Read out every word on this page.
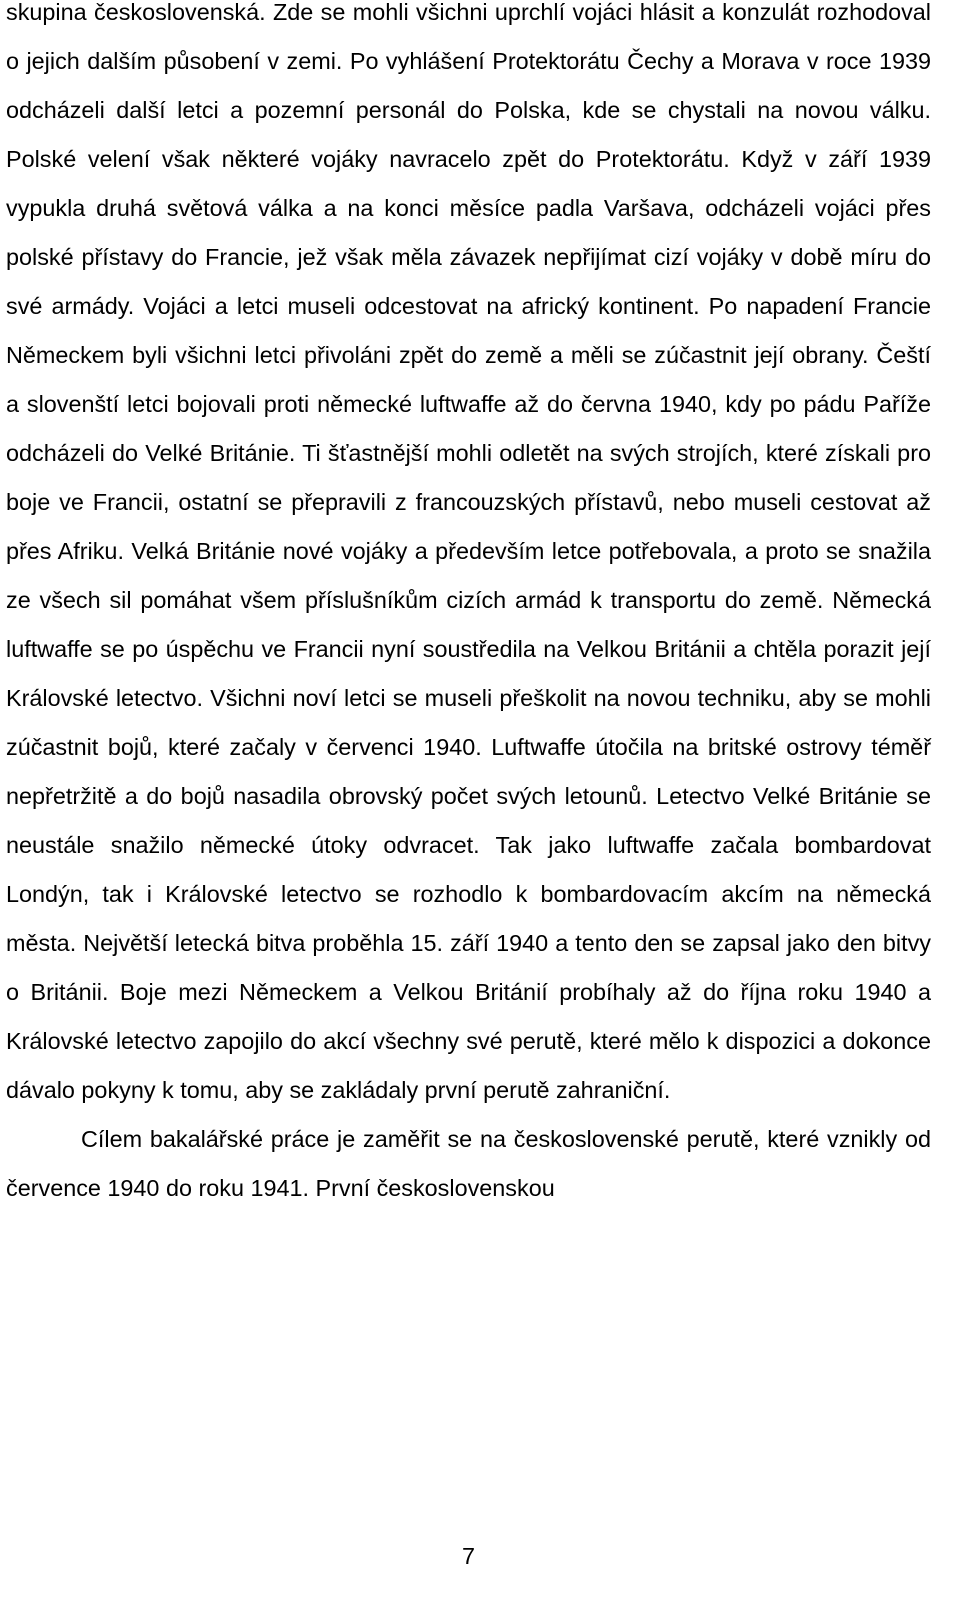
skupina československá. Zde se mohli všichni uprchlí vojáci hlásit a konzulát rozhodoval o jejich dalším působení v zemi. Po vyhlášení Protektorátu Čechy a Morava v roce 1939 odcházeli další letci a pozemní personál do Polska, kde se chystali na novou válku. Polské velení však některé vojáky navracelo zpět do Protektorátu. Když v září 1939 vypukla druhá světová válka a na konci měsíce padla Varšava, odcházeli vojáci přes polské přístavy do Francie, jež však měla závazek nepřijímat cizí vojáky v době míru do své armády. Vojáci a letci museli odcestovat na africký kontinent. Po napadení Francie Německem byli všichni letci přivoláni zpět do země a měli se zúčastnit její obrany. Čeští a slovenští letci bojovali proti německé luftwaffe až do června 1940, kdy po pádu Paříže odcházeli do Velké Británie. Ti šťastnější mohli odletět na svých strojích, které získali pro boje ve Francii, ostatní se přepravili z francouzských přístavů, nebo museli cestovat až přes Afriku. Velká Británie nové vojáky a především letce potřebovala, a proto se snažila ze všech sil pomáhat všem příslušníkům cizích armád k transportu do země. Německá luftwaffe se po úspěchu ve Francii nyní soustředila na Velkou Británii a chtěla porazit její Královské letectvo. Všichni noví letci se museli přeškolit na novou techniku, aby se mohli zúčastnit bojů, které začaly v červenci 1940. Luftwaffe útočila na britské ostrovy téměř nepřetržitě a do bojů nasadila obrovský počet svých letounů. Letectvo Velké Británie se neustále snažilo německé útoky odvracet. Tak jako luftwaffe začala bombardovat Londýn, tak i Královské letectvo se rozhodlo k bombardovacím akcím na německá města. Největší letecká bitva proběhla 15. září 1940 a tento den se zapsal jako den bitvy o Británii. Boje mezi Německem a Velkou Británií probíhaly až do října roku 1940 a Královské letectvo zapojilo do akcí všechny své perutě, které mělo k dispozici a dokonce dávalo pokyny k tomu, aby se zakládaly první perutě zahraniční.

Cílem bakalářské práce je zaměřit se na československé perutě, které vznikly od července 1940 do roku 1941. První československou

7
